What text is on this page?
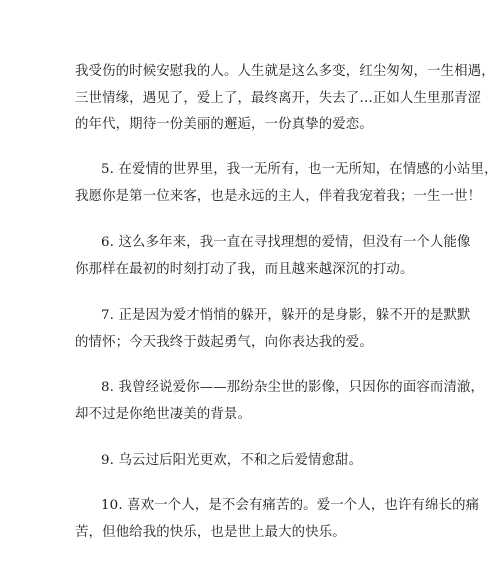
我受伤的时候安慰我的人。人生就是这么多变，红尘匆匆，一生相遇，
三世情缘，遇见了，爱上了，最终离开，失去了…正如人生里那青涩
的年代，期待一份美丽的邂逅，一份真挚的爱恋。
5. 在爱情的世界里，我一无所有，也一无所知，在情感的小站里，
我愿你是第一位来客，也是永远的主人，伴着我宠着我；一生一世！
6. 这么多年来，我一直在寻找理想的爱情，但没有一个人能像
你那样在最初的时刻打动了我，而且越来越深沉的打动。
7. 正是因为爱才悄悄的躲开，躲开的是身影，躲不开的是默默
的情怀；今天我终于鼓起勇气，向你表达我的爱。
8. 我曾经说爱你——那纷杂尘世的影像，只因你的面容而清澈，
却不过是你绝世凄美的背景。
9. 乌云过后阳光更欢，不和之后爱情愈甜。
10. 喜欢一个人，是不会有痛苦的。爱一个人，也许有绵长的痛
苦，但他给我的快乐，也是世上最大的快乐。
